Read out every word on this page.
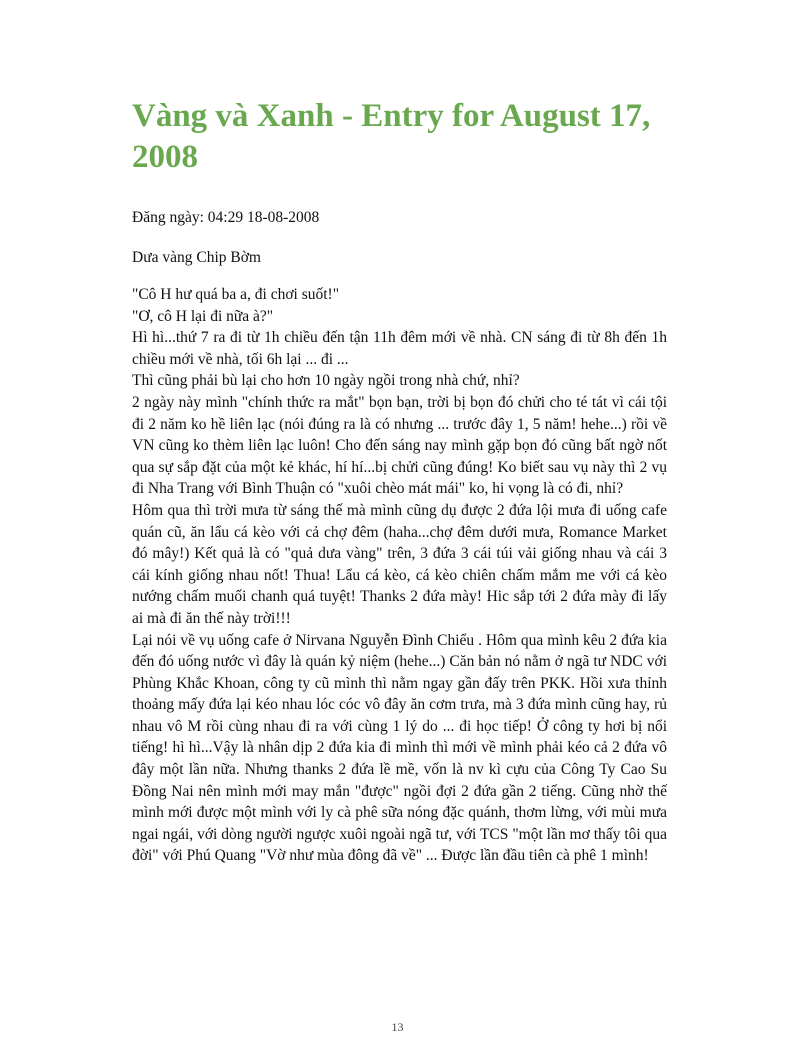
Vàng và Xanh - Entry for August 17, 2008
Đăng ngày: 04:29 18-08-2008
Dưa vàng Chip Bờm

"Cô H hư quá ba a, đi chơi suốt!"

"Ơ, cô H lại đi nữa à?"

Hì hì...thứ 7 ra đi từ 1h chiều đến tận 11h đêm mới về nhà. CN sáng đi từ 8h đến 1h chiều mới về nhà, tối 6h lại ... đi ...

Thì cũng phải bù lại cho hơn 10 ngày ngồi trong nhà chứ, nhỉ?

2 ngày này mình "chính thức ra mắt" bọn bạn, trời bị bọn đó chửi cho té tát vì cái tội đi 2 năm ko hề liên lạc (nói đúng ra là có nhưng ... trước đây 1, 5 năm! hehe...) rồi về VN cũng ko thèm liên lạc luôn! Cho đến sáng nay mình gặp bọn đó cũng bất ngờ nốt qua sự sắp đặt của một kẻ khác, hí hí...bị chửi cũng đúng! Ko biết sau vụ này thì 2 vụ đi Nha Trang với Bình Thuận có "xuôi chèo mát mái" ko, hi vọng là có đi, nhỉ?

Hôm qua thì trời mưa từ sáng thế mà mình cũng dụ được 2 đứa lội mưa đi uống cafe quán cũ, ăn lẩu cá kèo với cả chợ đêm (haha...chợ đêm dưới mưa, Romance Market đó mây!) Kết quả là có "quả dưa vàng" trên, 3 đứa 3 cái túi vải giống nhau và cái 3 cái kính giống nhau nốt! Thua! Lẩu cá kèo, cá kèo chiên chấm mắm me với cá kèo nướng chấm muối chanh quá tuyệt! Thanks 2 đứa mày! Hic sắp tới 2 đứa mày đi lấy ai mà đi ăn thế này trời!!!

Lại nói về vụ uống cafe ở Nirvana Nguyễn Đình Chiểu . Hôm qua mình kêu 2 đứa kia đến đó uống nước vì đây là quán kỷ niệm (hehe...) Căn bản nó nằm ở ngã tư NDC với Phùng Khắc Khoan, công ty cũ mình thì nằm ngay gần đấy trên PKK. Hồi xưa thỉnh thoảng mấy đứa lại kéo nhau lóc cóc vô đây ăn cơm trưa, mà 3 đứa mình cũng hay, rủ nhau vô M rồi cùng nhau đi ra với cùng 1 lý do ... đi học tiếp! Ở công ty hơi bị nổi tiếng! hì hì...Vậy là nhân dịp 2 đứa kia đi mình thì mới về mình phải kéo cả 2 đứa vô đây một lần nữa. Nhưng thanks 2 đứa lề mề, vốn là nv kì cựu của Công Ty Cao Su Đồng Nai nên mình mới may mắn "được" ngồi đợi 2 đứa gần 2 tiếng. Cũng nhờ thế mình mới được một mình với ly cà phê sữa nóng đặc quánh, thơm lừng, với mùi mưa ngai ngái, với dòng người ngược xuôi ngoài ngã tư, với TCS "một lần mơ thấy tôi qua đời" với Phú Quang "Vờ như mùa đông đã về" ... Được lần đầu tiên cà phê 1 mình!

13
